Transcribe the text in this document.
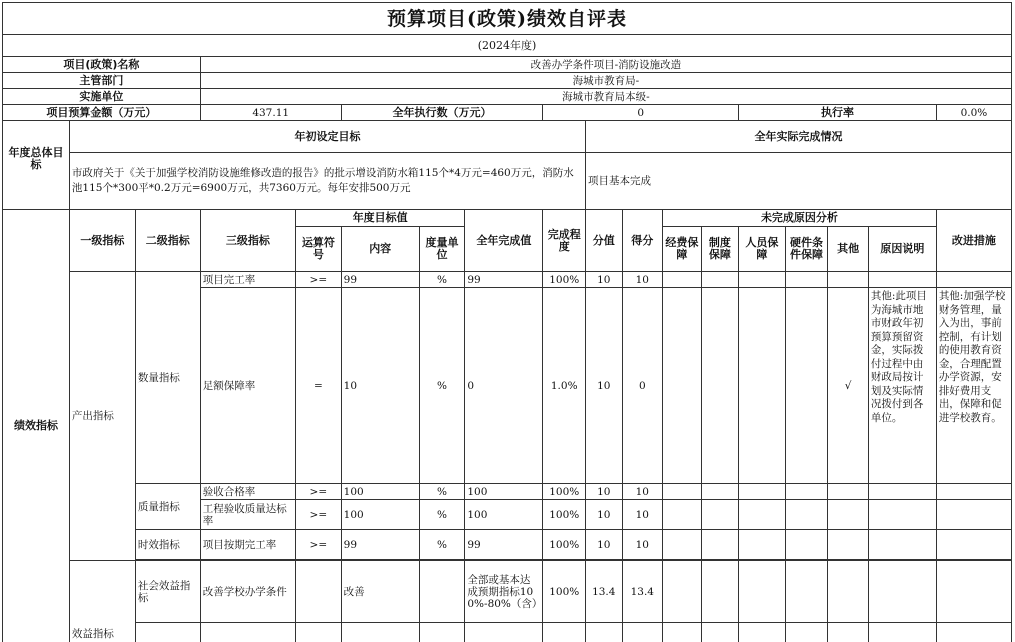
预算项目(政策)绩效自评表																	
(2024年度)																	
项目(政策)名称			改善办学条件项目-消防设施改造														
主管部门			海城市教育局-														
实施单位			海城市教育局本级-														
项目预算金额（万元）			437.11		全年执行数（万元）			0					执行率				0.0%
年度总体目标	年初设定目标								全年实际完成情况								
	市政府关于《关于加强学校消防设施维修改造的报告》的批示增设消防水箱115个*4万元=460万元，消防水池115个*300平*0.2万元=6900万元，共7360万元。每年安排500万元								项目基本完成								
绩效指标	一级指标	二级指标	三级指标	年度目标值			全年完成值	完成程度	分值	得分	未完成原因分析						改进措施
				运算符号	内容	度量单位					经费保障	制度保障	人员保障	硬件条件保障	其他	原因说明	
	产出指标	数量指标	项目完工率	>=	99	%	99	100%	10	10							
			足额保障率	=	10	%	0	1.0%	10	0					√	其他:此项目为海城市地市财政年初预算预留资金，实际拨付过程中由财政局按计划及实际情况拨付到各单位。	其他:加强学校财务管理，量入为出，事前控制，有计划的使用教育资金，合理配置办学资源，安排好费用支出，保障和促进学校教育。
		质量指标	验收合格率	>=	100	%	100	100%	10	10							
			工程验收质量达标率	>=	100	%	100	100%	10	10							
		时效指标	项目按期完工率	>=	99	%	99	100%	10	10							

	效益指标	社会效益指标	改善学校办学条件		改善		全部或基本达成预期指标100%-80%（含）	100%	13.4	13.4							
